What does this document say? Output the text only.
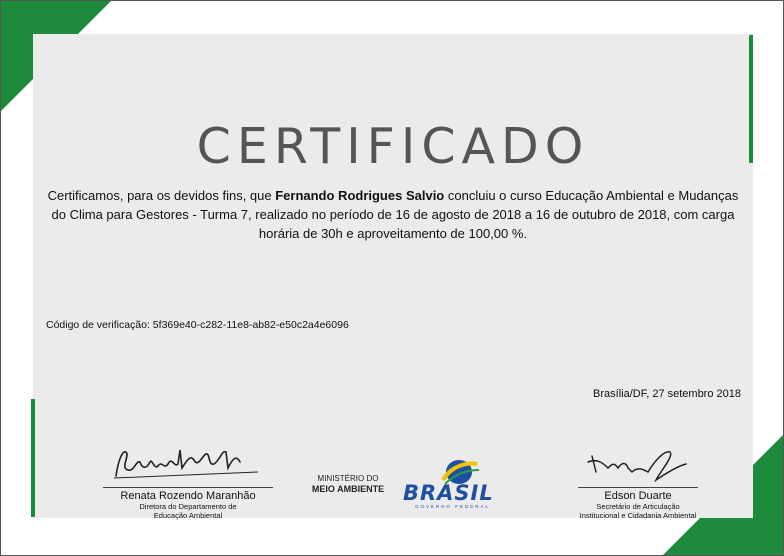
CERTIFICADO
Certificamos, para os devidos fins, que Fernando Rodrigues Salvio concluiu o curso Educação Ambiental e Mudanças do Clima para Gestores - Turma 7, realizado no período de 16 de agosto de 2018 a 16 de outubro de 2018, com carga horária de 30h e aproveitamento de 100,00 %.
Código de verificação: 5f369e40-c282-11e8-ab82-e50c2a4e6096
Brasília/DF, 27 setembro 2018
Renata Rozendo Maranhão
Diretora do Departamento de
Educação Ambiental
MINISTÉRIO DO
MEIO AMBIENTE BRASIL
GOVERNO FEDERAL
Edson Duarte
Secretário de Articulação
Institucional e Cidadania Ambiental
